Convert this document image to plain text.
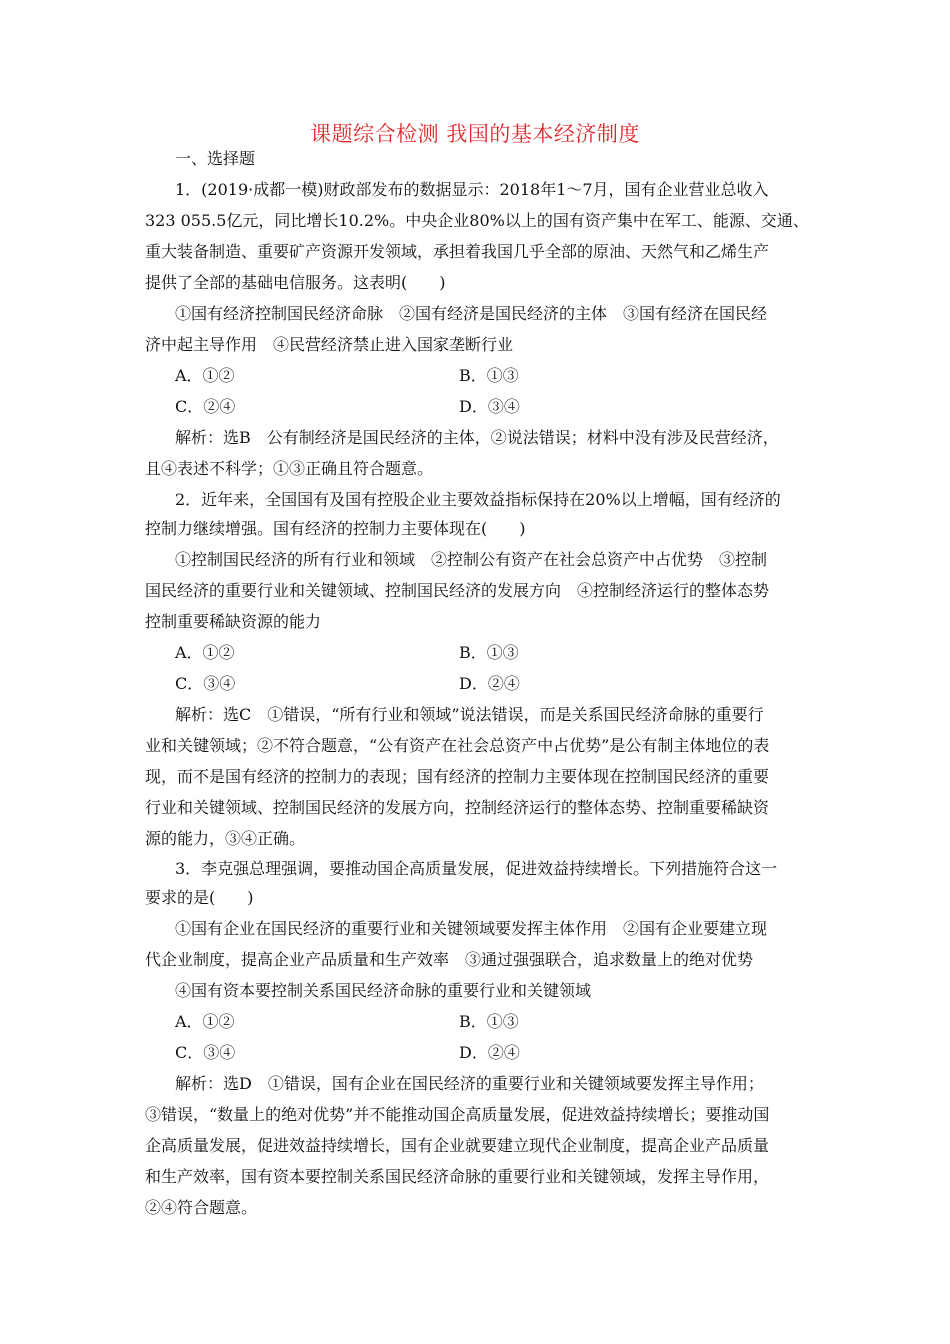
课题综合检测 我国的基本经济制度
一、选择题
1．(2019·成都一模)财政部发布的数据显示：2018年1～7月，国有企业营业总收入
323 055.5亿元，同比增长10.2%。中央企业80%以上的国有资产集中在军工、能源、交通、
重大装备制造、重要矿产资源开发领域，承担着我国几乎全部的原油、天然气和乙烯生产
提供了全部的基础电信服务。这表明(　　)
①国有经济控制国民经济命脉　②国有经济是国民经济的主体　③国有经济在国民经
济中起主导作用　④民营经济禁止进入国家垄断行业
A．①②	B．①③
C．②④	D．③④
解析：选B　公有制经济是国民经济的主体，②说法错误；材料中没有涉及民营经济，
且④表述不科学；①③正确且符合题意。
2．近年来，全国国有及国有控股企业主要效益指标保持在20%以上增幅，国有经济的
控制力继续增强。国有经济的控制力主要体现在(　　)
①控制国民经济的所有行业和领域　②控制公有资产在社会总资产中占优势　③控制
国民经济的重要行业和关键领域、控制国民经济的发展方向　④控制经济运行的整体态势
控制重要稀缺资源的能力
A．①②	B．①③
C．③④	D．②④
解析：选C　①错误，“所有行业和领域”说法错误，而是关系国民经济命脉的重要行
业和关键领域；②不符合题意，“公有资产在社会总资产中占优势”是公有制主体地位的表
现，而不是国有经济的控制力的表现；国有经济的控制力主要体现在控制国民经济的重要
行业和关键领域、控制国民经济的发展方向，控制经济运行的整体态势、控制重要稀缺资
源的能力，③④正确。
3．李克强总理强调，要推动国企高质量发展，促进效益持续增长。下列措施符合这一
要求的是(　　)
①国有企业在国民经济的重要行业和关键领域要发挥主体作用　②国有企业要建立现
代企业制度，提高企业产品质量和生产效率　③通过强强联合，追求数量上的绝对优势
④国有资本要控制关系国民经济命脉的重要行业和关键领域
A．①②	B．①③
C．③④	D．②④
解析：选D　①错误，国有企业在国民经济的重要行业和关键领域要发挥主导作用；
③错误，“数量上的绝对优势”并不能推动国企高质量发展，促进效益持续增长；要推动国
企高质量发展，促进效益持续增长，国有企业就要建立现代企业制度，提高企业产品质量
和生产效率，国有资本要控制关系国民经济命脉的重要行业和关键领域，发挥主导作用，
②④符合题意。
